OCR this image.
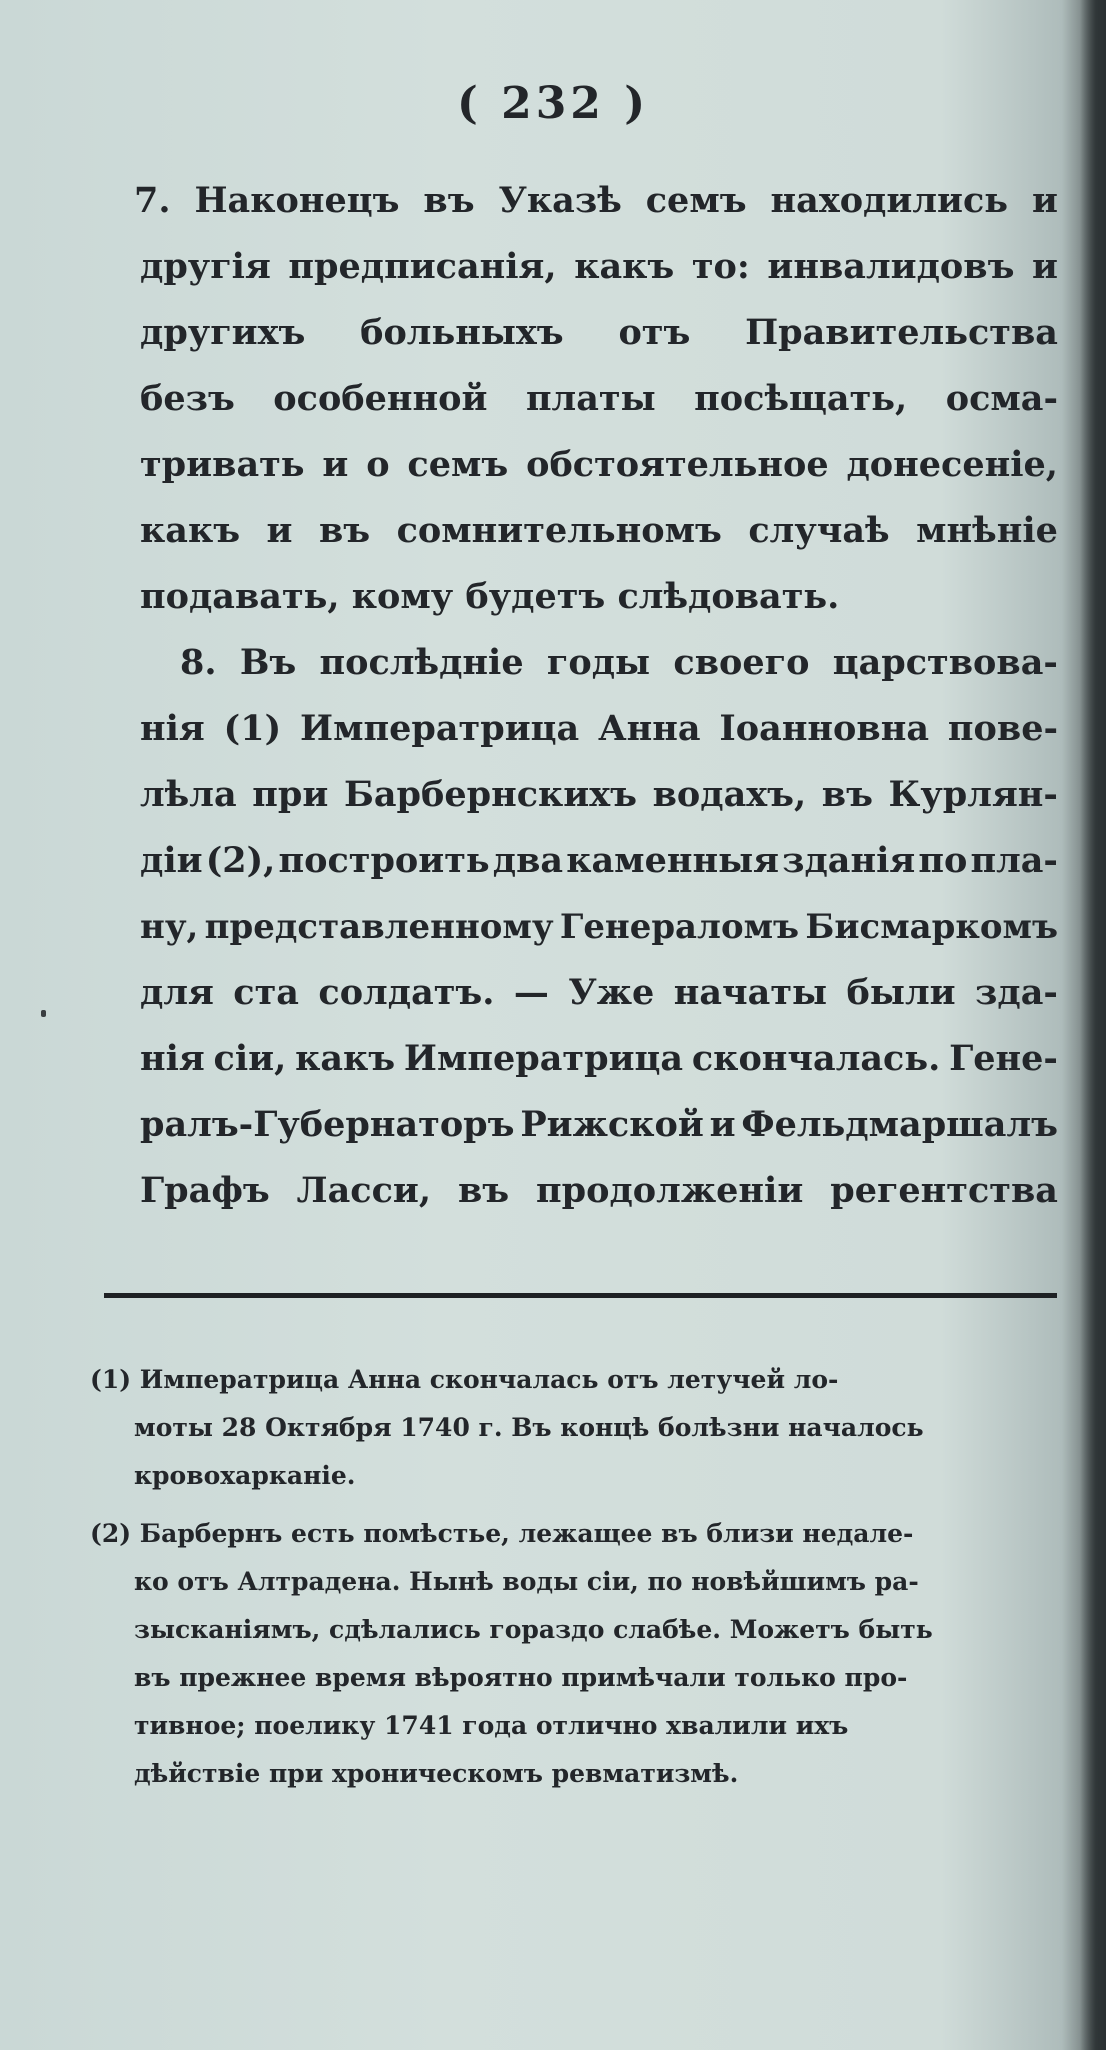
( 232 )
7. Наконецъ въ Указѣ семъ находились и
другія предписанія, какъ то: инвалидовъ и
другихъ больныхъ отъ Правительства
безъ особенной платы посѣщать, осма-
тривать и о семъ обстоятельное донесеніе,
какъ и въ сомнительномъ случаѣ мнѣніе
подавать, кому будетъ слѣдовать.
8. Въ послѣдніе годы своего царствова-
нія (1) Императрица Анна Іоанновна пове-
лѣла при Барбернскихъ водахъ, въ Курлян-
діи (2), построить два каменныя зданія по пла-
ну, представленному Генераломъ Бисмаркомъ
для ста солдатъ. — Уже начаты были зда-
нія сіи, какъ Императрица скончалась. Гене-
ралъ-Губернаторъ Рижской и Фельдмаршалъ
Графъ Ласси, въ продолженіи регентства
(1) Императрица Анна скончалась отъ летучей ло-
моты 28 Октября 1740 г. Въ концѣ болѣзни началось
кровохарканіе.
(2) Барбернъ есть помѣстье, лежащее въ близи недале-
ко отъ Алтрадена. Нынѣ воды сіи, по новѣйшимъ ра-
зысканіямъ, сдѣлались гораздо слабѣе. Можетъ быть
въ прежнее время вѣроятно примѣчали только про-
тивное; поелику 1741 года отлично хвалили ихъ
дѣйствіе при хроническомъ ревматизмѣ.
